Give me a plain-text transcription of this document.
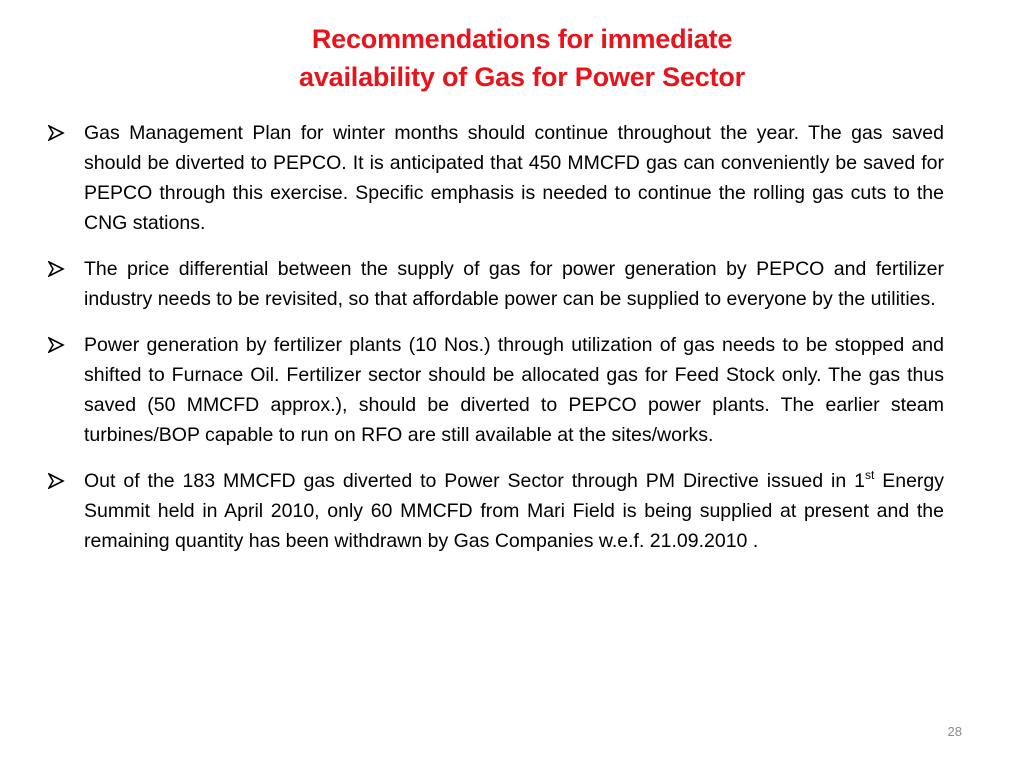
Recommendations for immediate
availability of Gas for Power Sector
Gas Management Plan for winter months should continue throughout the year. The gas saved should be diverted to PEPCO. It is anticipated that 450 MMCFD gas can conveniently be saved for PEPCO through this exercise. Specific emphasis is needed to continue the rolling gas cuts to the CNG stations.
The price differential between the supply of gas for power generation by PEPCO and fertilizer industry needs to be revisited, so that affordable power can be supplied to everyone by the utilities.
Power generation by fertilizer plants (10 Nos.) through utilization of gas needs to be stopped and shifted to Furnace Oil. Fertilizer sector should be allocated gas for Feed Stock only. The gas thus saved (50 MMCFD approx.), should be diverted to PEPCO power plants. The earlier steam turbines/BOP capable to run on RFO are still available at the sites/works.
Out of the 183 MMCFD gas diverted to Power Sector through PM Directive issued in 1st Energy Summit held in April 2010, only 60 MMCFD from Mari Field is being supplied at present and the remaining quantity has been withdrawn by Gas Companies w.e.f. 21.09.2010 .
28
